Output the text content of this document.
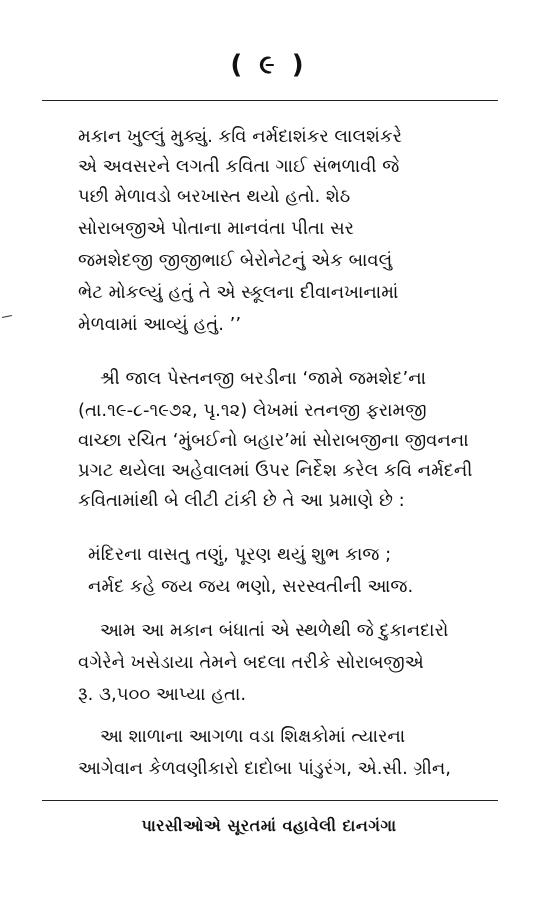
( ૯ )
મકાન ખુલ્લું મુક્યું. કવિ નર્મદાશંકર લાલશંકરે
એ અવસરને લગતી કવિતા ગાઈ સંભળાવી જે
પછી મેળાવડો બરખાસ્ત થયો હતો. શેઠ
સોરાબજીએ પોતાના માનવંતા પીતા સર
જમશેદજી જીજીભાઈ બેરોનેટનું એક બાવલું
ભેટ મોકલ્યું હતું તે એ સ્કૂલના દીવાનખાનામાં
મેળવામાં આવ્યું હતું. ’’
શ્રી જાલ પેસ્તનજી બરડીના ‘જામે જમશેદ’ના
(તા.૧૯-૮-૧૯૭૨, પૃ.૧૨) લેખમાં રતનજી ફરામજી
વાચ્છા રચિત ‘મુંબઈનો બહાર’માં સોરાબજીના જીવનના
પ્રગટ થયેલા અહેવાલમાં ઉપર નિર્દેશ કરેલ કવિ નર્મદની
કવિતામાંથી બે લીટી ટાંકી છે તે આ પ્રમાણે છે :
મંદિરના વાસતુ તણું, પૂરણ થયું શુભ કાજ ;
નર્મદ કહે જય જય ભણો, સરસ્વતીની આજ.
આમ આ મકાન બંધાતાં એ સ્થળેથી જે દુકાનદારો
વગેરેને ખસેડાયા તેમને બદલા તરીકે સોરાબજીએ
રૂ. ૩,૫૦૦ આપ્યા હતા.
આ શાળાના આગળા વડા શિક્ષકોમાં ત્યારના
આગેવાન કેળવણીકારો દાદોબા પાંડુરંગ, એ.સી. ગ્રીન,
પારસીઓએ સૂરતમાં વહાવેલી દાનગંગા
